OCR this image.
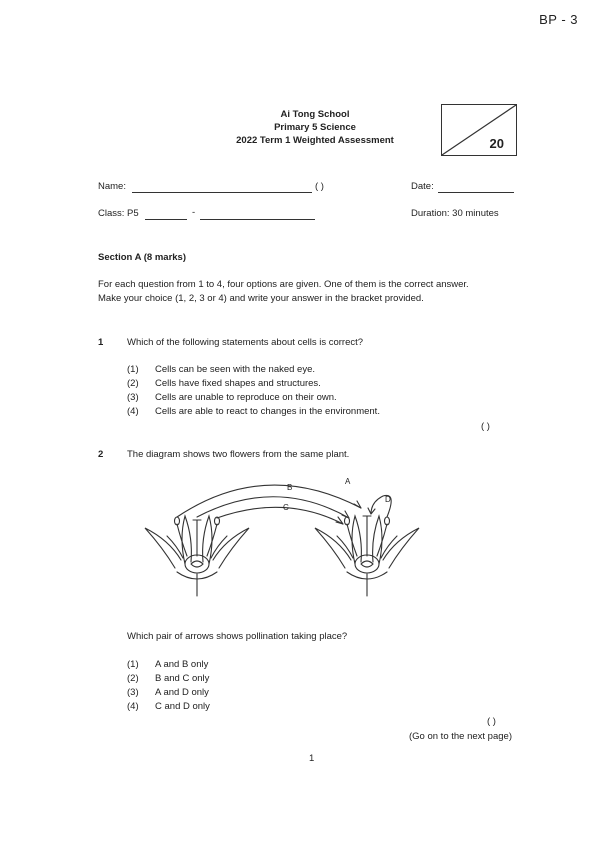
BP - 3
Ai Tong School
Primary 5 Science
2022 Term 1 Weighted Assessment	20
Name:	( )	Date:
Class: P5	-	Duration: 30 minutes
Section A (8 marks)
For each question from 1 to 4, four options are given. One of them is the correct answer.
Make your choice (1, 2, 3 or 4) and write your answer in the bracket provided.
1 Which of the following statements about cells is correct?
(1) Cells can be seen with the naked eye.
(2) Cells have fixed shapes and structures.
(3) Cells are unable to reproduce on their own.
(4) Cells are able to react to changes in the environment.
( )
2 The diagram shows two flowers from the same plant.
A
B
C
D
Which pair of arrows shows pollination taking place?
(1) A and B only
(2) B and C only
(3) A and D only
(4) C and D only
( )
(Go on to the next page)
1
